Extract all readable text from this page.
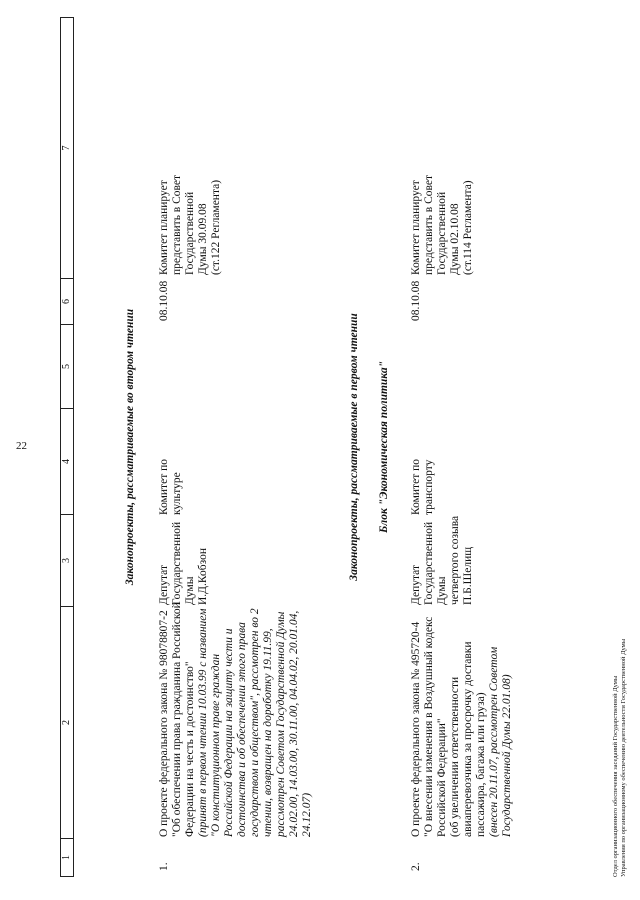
22
1
2
3
4
5
6
7
Законопроекты, рассматриваемые во втором чтении
1.
О проекте федерального закона № 98078807-2 "Об обеспечении права гражданина Российской Федерации на честь и достоинство" (принят в первом чтении 10.03.99 с названием "О конституционном праве граждан Российской Федерации на защиту чести и достоинства и об обеспечении этого права государством и обществом", рассмотрен во 2 чтении, возвращен на доработку 19.11.99, рассмотрен Советом Государственной Думы 24.02.00, 14.03.00, 30.11.00, 04.04.02, 20.01.04, 24.12.07)
Депутат Государственной Думы И.Д.Кобзон
Комитет по культуре
08.10.08
Комитет планирует представить в Совет Государственной Думы 30.09.08 (ст.122 Регламента)
Законопроекты, рассматриваемые в первом чтении Блок "Экономическая политика"
2.
О проекте федерального закона № 495720-4 "О внесении изменения в Воздушный кодекс Российской Федерации" (об увеличении ответственности авиаперевозчика за просрочку доставки пассажира, багажа или груза) (внесен 20.11.07, рассмотрен Советом Государственной Думы 22.01.08)
Депутат Государственной Думы четвертого созыва П.Б.Шелищ
Комитет по транспорту
08.10.08
Комитет планирует представить в Совет Государственной Думы 02.10.08 (ст.114 Регламента)
Отдел организационного обеспечения заседаний Государственной Думы Управления по организационному обеспечению деятельности Государственной Думы
